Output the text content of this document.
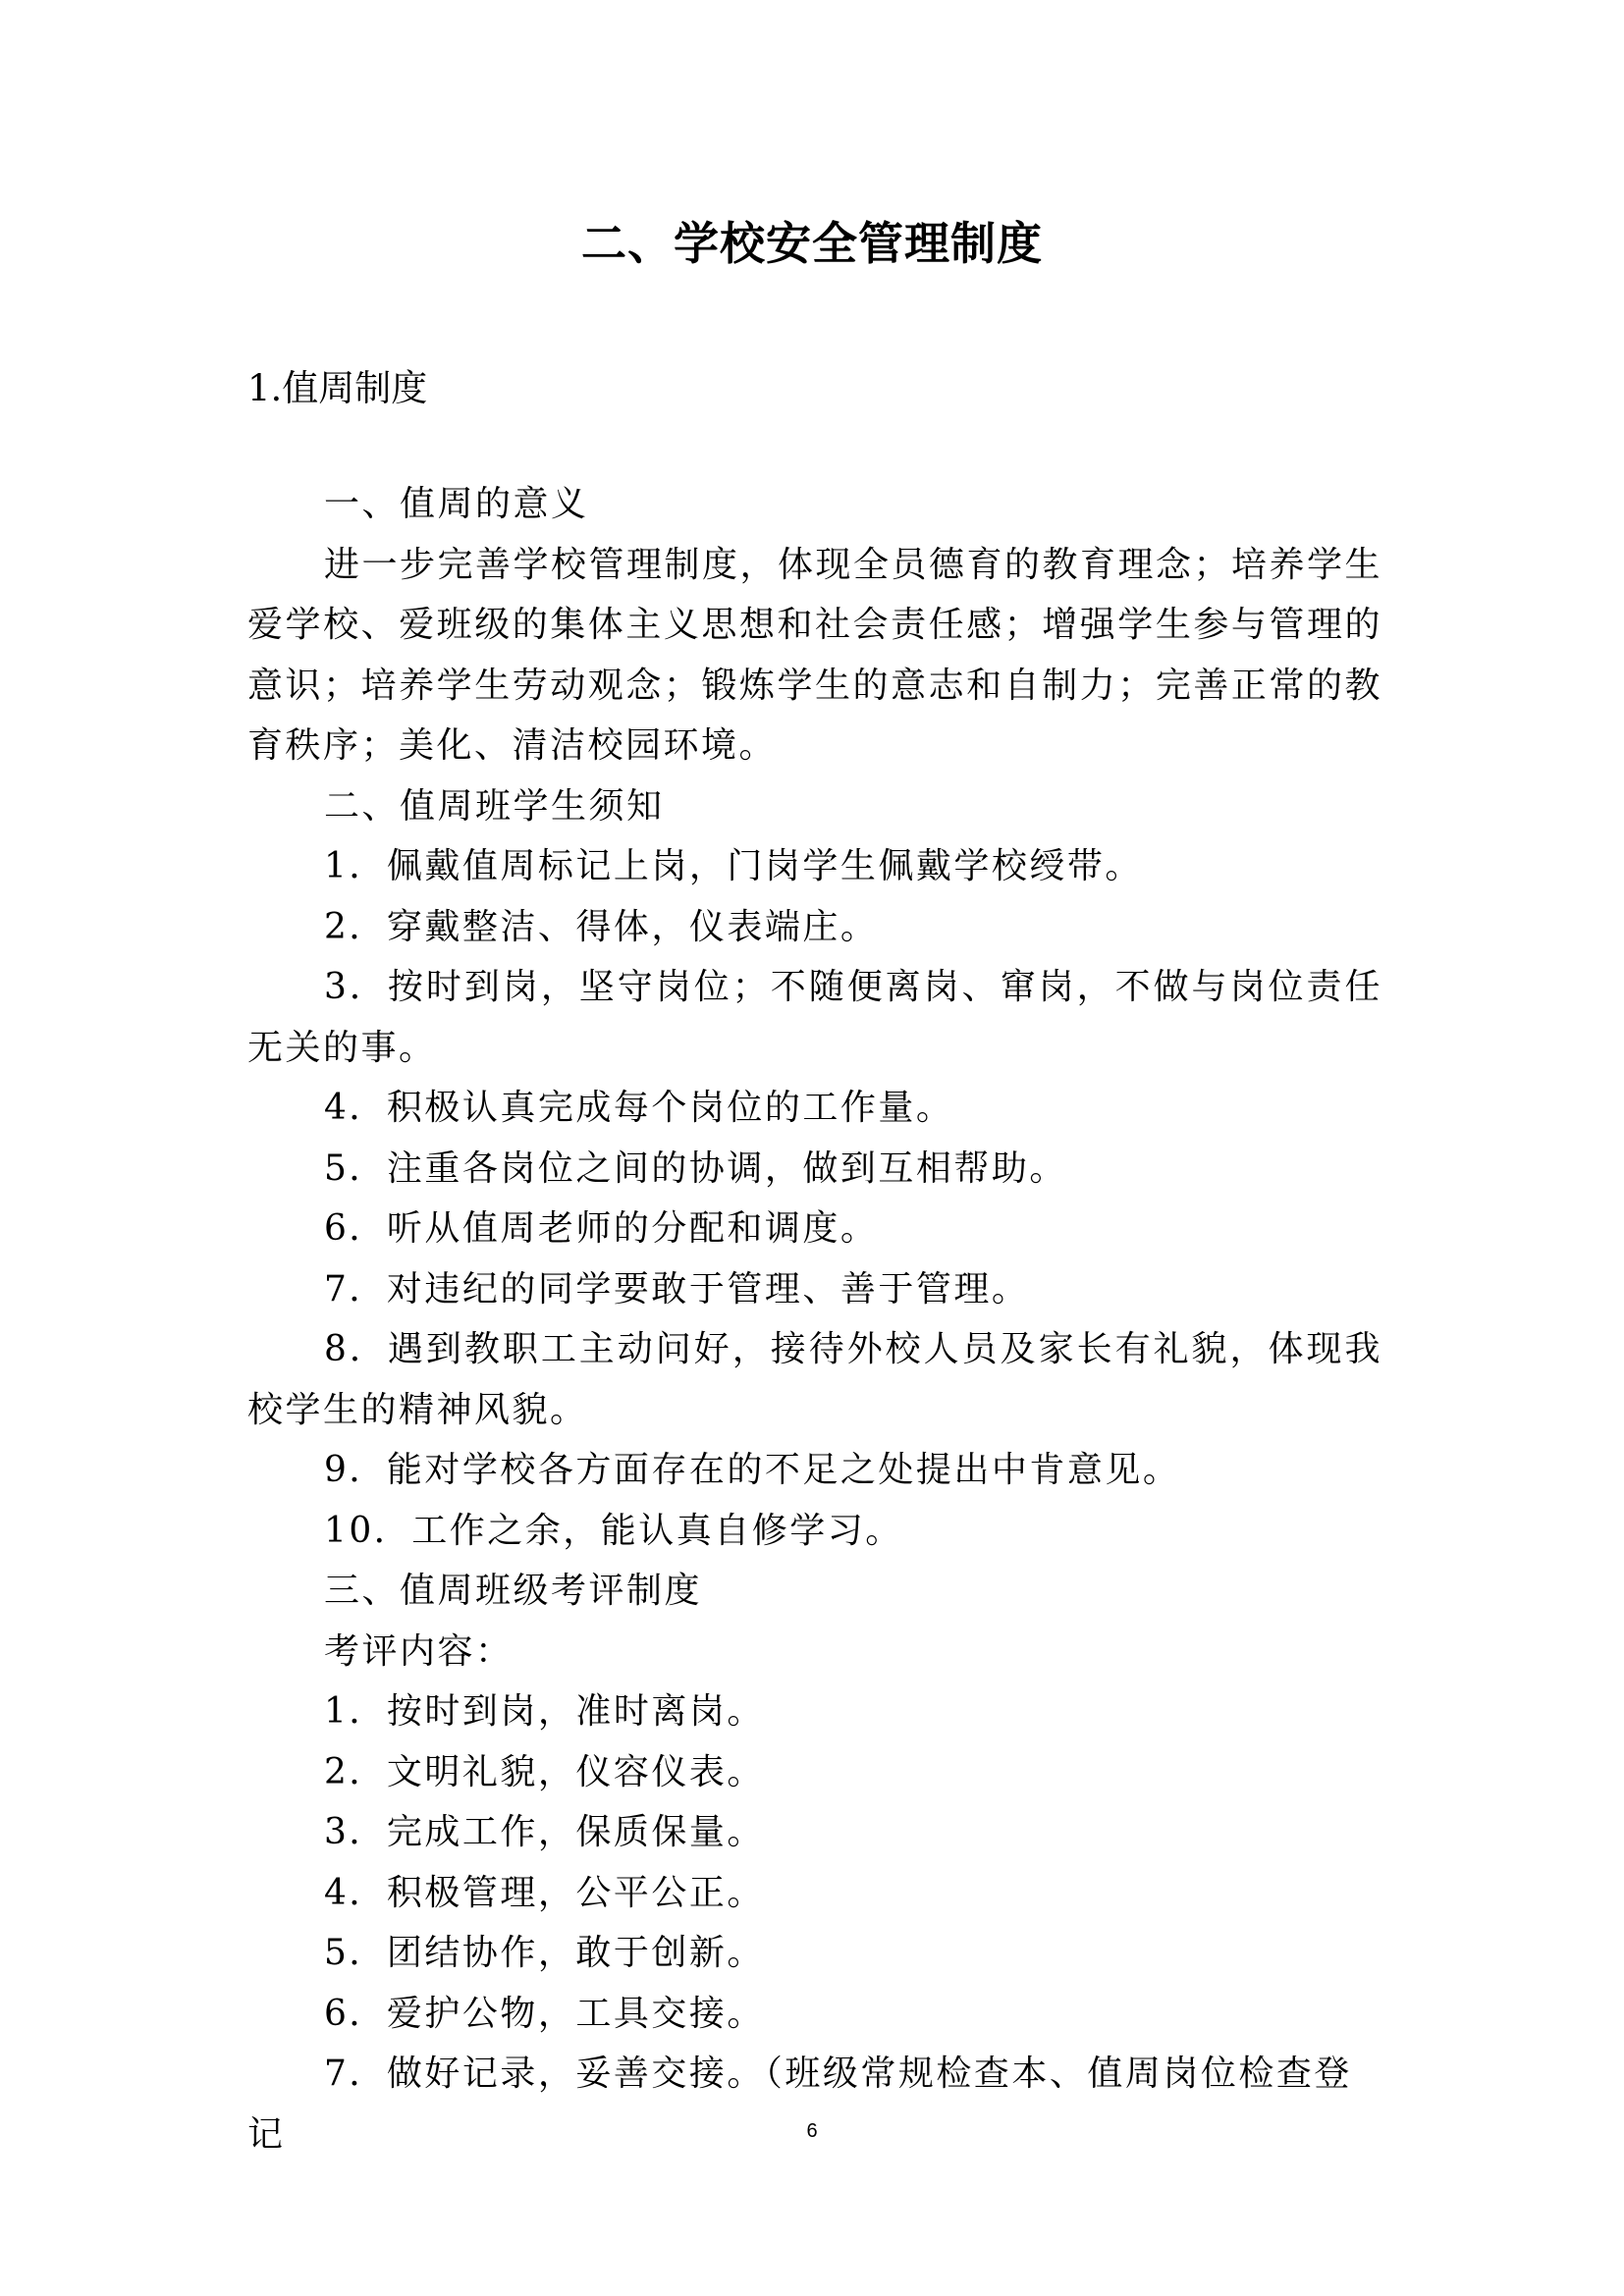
二、学校安全管理制度
1.值周制度

一、值周的意义

进一步完善学校管理制度，体现全员德育的教育理念；培养学生爱学校、爱班级的集体主义思想和社会责任感；增强学生参与管理的意识；培养学生劳动观念；锻炼学生的意志和自制力；完善正常的教育秩序；美化、清洁校园环境。

二、值周班学生须知

1．佩戴值周标记上岗，门岗学生佩戴学校绶带。

2．穿戴整洁、得体，仪表端庄。

3．按时到岗，坚守岗位；不随便离岗、窜岗，不做与岗位责任无关的事。

4．积极认真完成每个岗位的工作量。

5．注重各岗位之间的协调，做到互相帮助。

6．听从值周老师的分配和调度。

7．对违纪的同学要敢于管理、善于管理。

8．遇到教职工主动问好，接待外校人员及家长有礼貌，体现我校学生的精神风貌。

9．能对学校各方面存在的不足之处提出中肯意见。

10．工作之余，能认真自修学习。

三、值周班级考评制度

考评内容：

1．按时到岗，准时离岗。

2．文明礼貌，仪容仪表。

3．完成工作，保质保量。

4．积极管理，公平公正。

5．团结协作，敢于创新。

6．爱护公物，工具交接。

7．做好记录，妥善交接。（班级常规检查本、值周岗位检查登记	6
